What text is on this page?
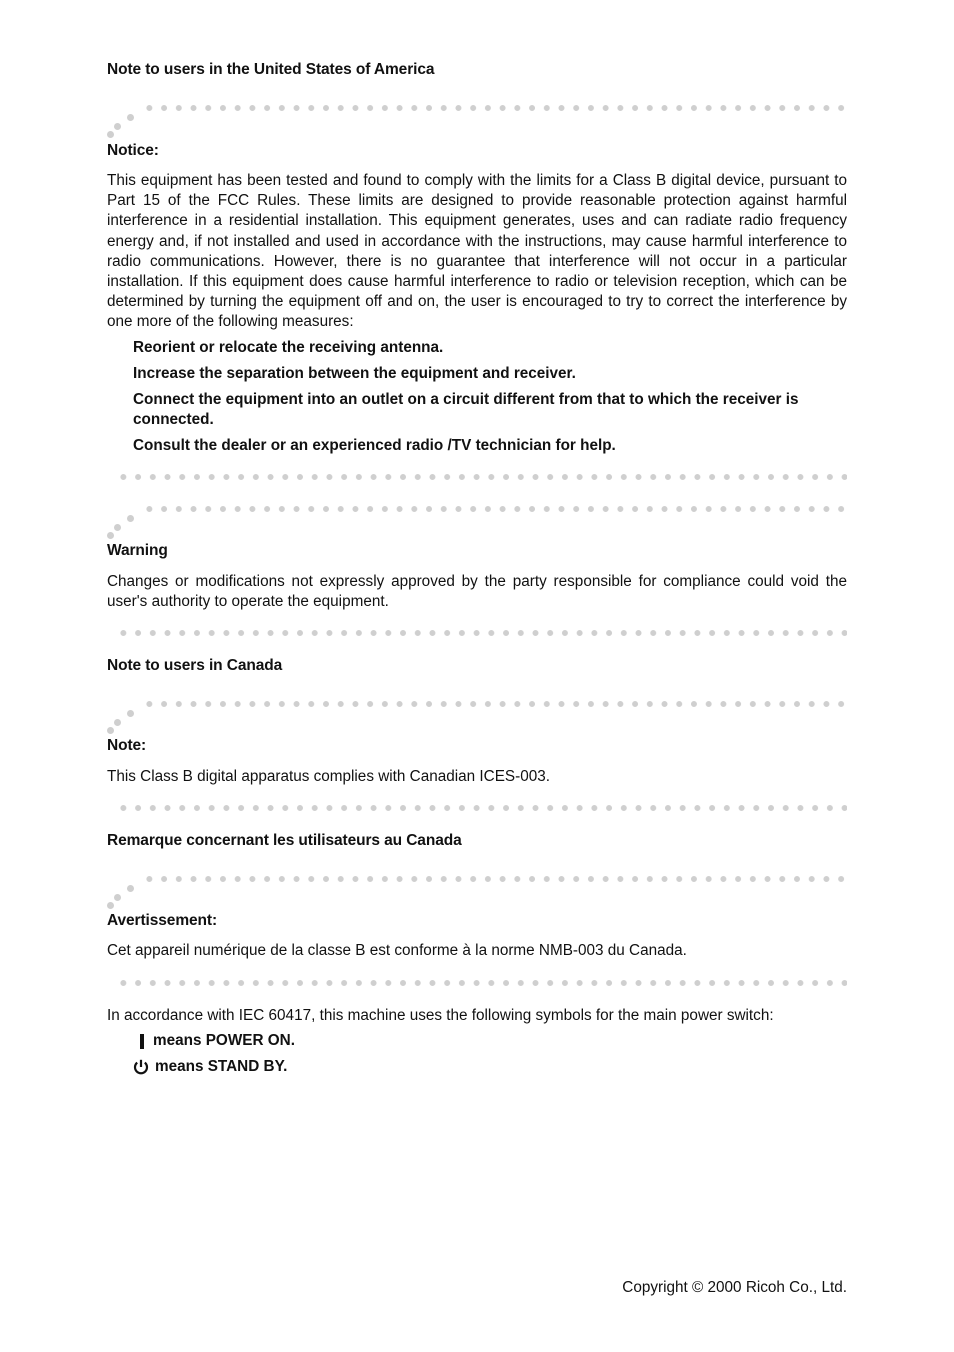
Note to users in the United States of America
Notice:
This equipment has been tested and found to comply with the limits for a Class B digital device, pursuant to Part 15 of the FCC Rules. These limits are designed to provide reasonable protection against harmful interference in a residential installation. This equipment generates, uses and can radiate radio frequency energy and, if not installed and used in accordance with the instructions, may cause harmful interference to radio communications. However, there is no guarantee that interference will not occur in a particular installation. If this equipment does cause harmful interference to radio or television reception, which can be determined by turning the equipment off and on, the user is encouraged to try to correct the interference by one more of the following measures:
Reorient or relocate the receiving antenna.
Increase the separation between the equipment and receiver.
Connect the equipment into an outlet on a circuit different from that to which the receiver is connected.
Consult the dealer or an experienced radio /TV technician for help.
Warning
Changes or modifications not expressly approved by the party responsible for compliance could void the user's authority to operate the equipment.
Note to users in Canada
Note:
This Class B digital apparatus complies with Canadian ICES-003.
Remarque concernant les utilisateurs au Canada
Avertissement:
Cet appareil numérique de la classe B est conforme à la norme NMB-003 du Canada.
In accordance with IEC 60417, this machine uses the following symbols for the main power switch:
means POWER ON.
means STAND BY.
Copyright © 2000 Ricoh Co., Ltd.
